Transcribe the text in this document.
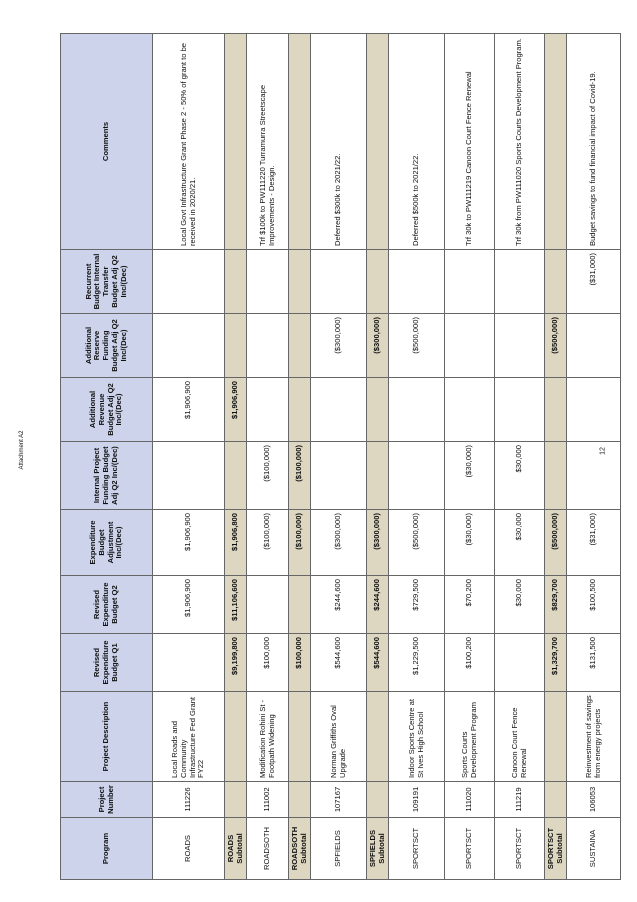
Attachment A2	12
Program	Project Number	Project Description	Revised Expenditure Budget Q1	Revised Expenditure Budget Q2	Expenditure Budget Adjustment Inc/(Dec)	Internal Project Funding Budget Adj Q2 Inc/(Dec)	Additional Revenue Budget Adj Q2 Inc/(Dec)	Additional Reserve Funding Budget Adj Q2 Inc/(Dec)	Recurrent Budget Internal Transfer Budget Adj Q2 Inc/(Dec)	Comments
ROADS	111226	Local Roads and Community Infrastructure Fed Grant FY22		$1,906,900	$1,906,900		$1,906,900			Local Govt Infrastructure Grant Phase 2 - 50% of grant to be received in 2020/21.
ROADS Subtotal			$9,199,800	$11,106,600	$1,906,800		$1,906,900			
ROADSOTH	111002	Modification Rohini St - Footpath Widening	$100,000		($100,000)	($100,000)				Trf $100k to PW111220 Turramurra Streetscape Improvements - Design.
ROADSOTH Subtotal			$100,000		($100,000)	($100,000)				
SPFIELDS	107167	Norman Griffiths Oval Upgrade	$544,600	$244,600	($300,000)			($300,000)		Deferred $300k to 2021/22.
SPFIELDS Subtotal			$544,600	$244,600	($300,000)			($300,000)		
SPORTSCT	109191	Indoor Sports Centre at St Ives High School	$1,229,500	$729,500	($500,000)			($500,000)		Deferred $500k to 2021/22.
SPORTSCT	111020	Sports Courts Development Program	$100,200	$70,200	($30,000)	($30,000)				Trf 30k to PW111219 Canoon Court Fence Renewal
SPORTSCT	111219	Canoon Court Fence Renewal		$30,000	$30,000	$30,000				Trf 30k from PW111020 Sports Courts Development Program.
SPORTSCT Subtotal			$1,329,700	$829,700	($500,000)			($500,000)		
SUSTAINA	106053	Reinvestment of savings from energy projects	$131,500	$100,500	($31,000)				($31,000)	Budget savings to fund financial impact of Covid-19.
